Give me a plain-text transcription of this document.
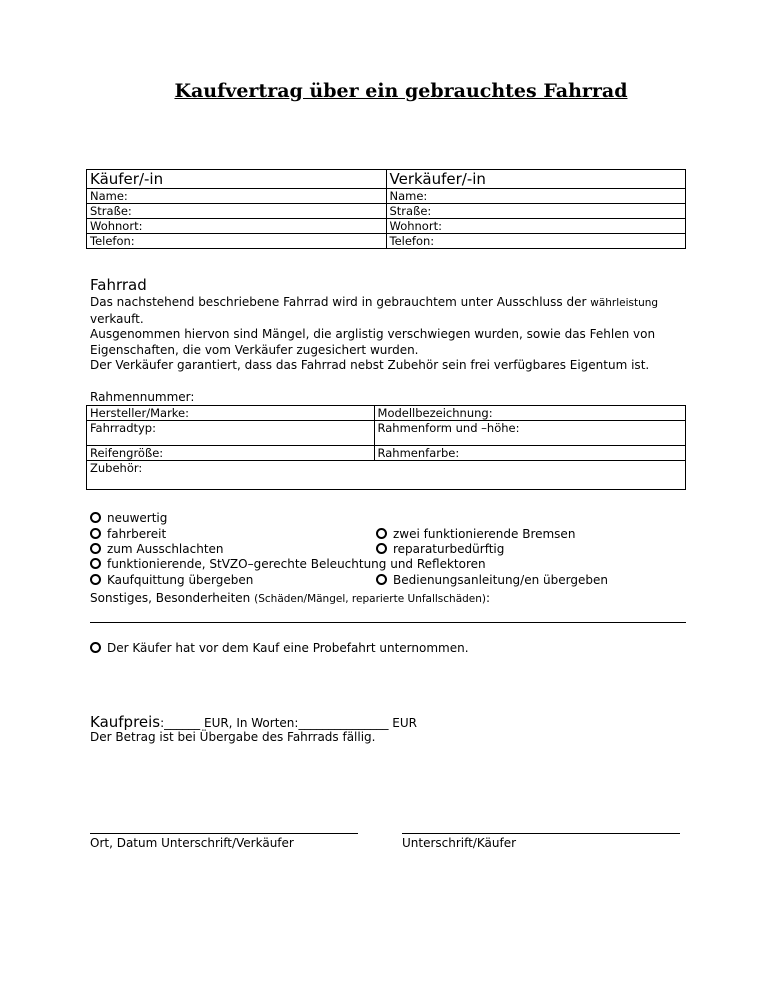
Kaufvertrag über ein gebrauchtes Fahrrad
Käufer/-in	Verkäufer/-in
Name:	Name:
Straße:	Straße:
Wohnort:	Wohnort:
Telefon:	Telefon:
Fahrrad
Das nachstehend beschriebene Fahrrad wird in gebrauchtem unter Ausschluss der währleistung
verkauft.
Ausgenommen hiervon sind Mängel, die arglistig verschwiegen wurden, sowie das Fehlen von
Eigenschaften, die vom Verkäufer zugesichert wurden.
Der Verkäufer garantiert, dass das Fahrrad nebst Zubehör sein frei verfügbares Eigentum ist.
Rahmennummer:
Hersteller/Marke:	Modellbezeichnung:
Fahrradtyp:	Rahmenform und –höhe:
Reifengröße:	Rahmenfarbe:
Zubehör:	
neuwertig
fahrbereit	zwei funktionierende Bremsen
zum Ausschlachten	reparaturbedürftig
funktionierende, StVZO–gerechte Beleuchtung und Reflektoren
Kaufquittung übergeben	Bedienungsanleitung/en übergeben
Sonstiges, Besonderheiten (Schäden/Mängel, reparierte Unfallschäden):
Der Käufer hat vor dem Kauf eine Probefahrt unternommen.
Kaufpreis:______ EUR, In Worten:_______________ EUR
Der Betrag ist bei Übergabe des Fahrrads fällig.
Ort, Datum Unterschrift/Verkäufer	Unterschrift/Käufer
